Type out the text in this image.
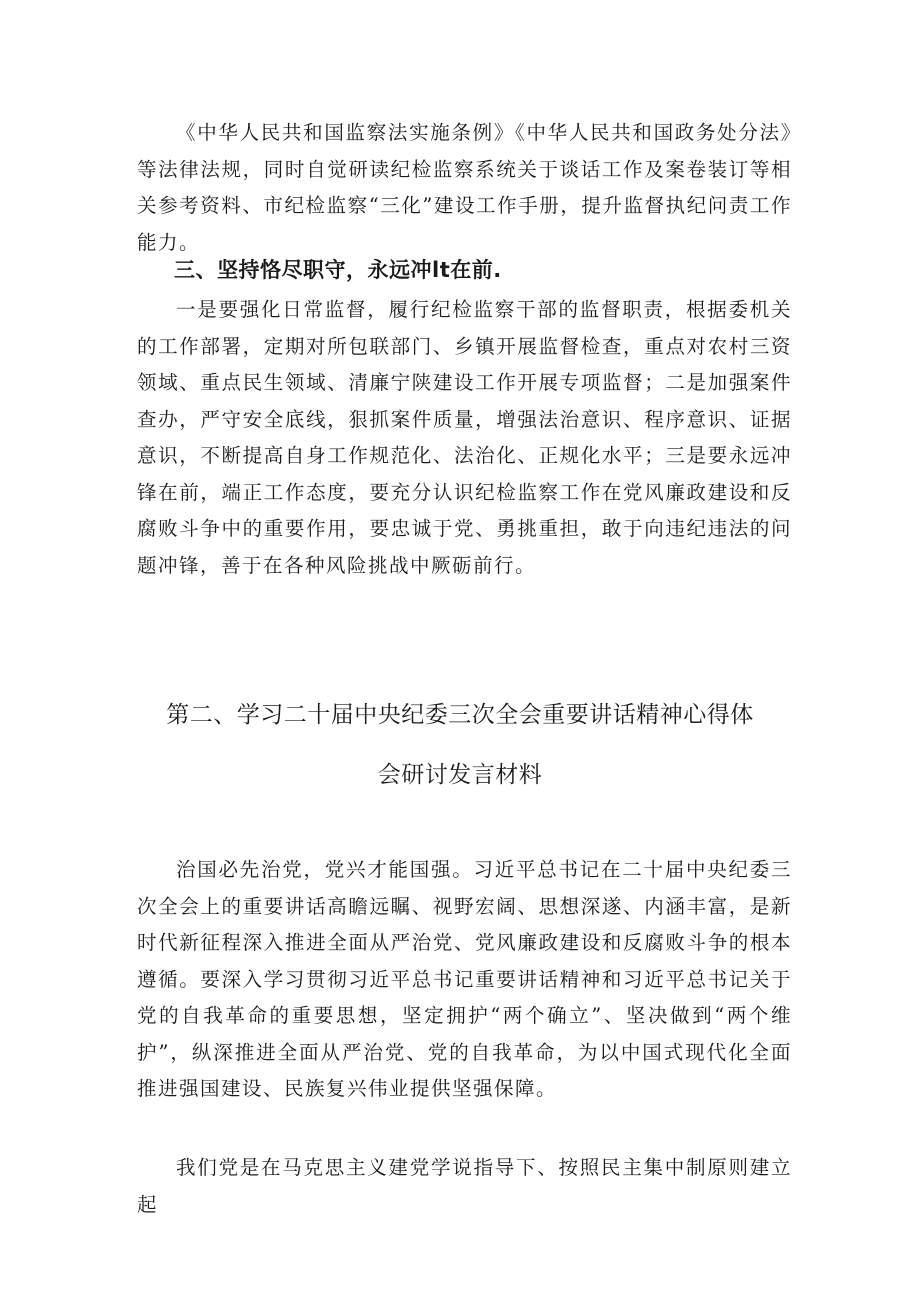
《中华人民共和国监察法实施条例》《中华人民共和国政务处分法》等法律法规，同时自觉研读纪检监察系统关于谈话工作及案卷装订等相关参考资料、市纪检监察“三化”建设工作手册，提升监督执纪问责工作能力。

三、坚持恪尽职守，永远冲lt在前.

一是要强化日常监督，履行纪检监察干部的监督职责，根据委机关的工作部署，定期对所包联部门、乡镇开展监督检查，重点对农村三资领域、重点民生领域、清廉宁陕建设工作开展专项监督；二是加强案件查办，严守安全底线，狠抓案件质量，增强法治意识、程序意识、证据意识，不断提高自身工作规范化、法治化、正规化水平；三是要永远冲锋在前，端正工作态度，要充分认识纪检监察工作在党风廉政建设和反腐败斗争中的重要作用，要忠诚于党、勇挑重担，敢于向违纪违法的问题冲锋，善于在各种风险挑战中厥砺前行。

第二、学习二十届中央纪委三次全会重要讲话精神心得体
会研讨发言材料

治国必先治党，党兴才能国强。习近平总书记在二十届中央纪委三次全会上的重要讲话高瞻远瞩、视野宏阔、思想深遂、内涵丰富，是新时代新征程深入推进全面从严治党、党风廉政建设和反腐败斗争的根本遵循。要深入学习贯彻习近平总书记重要讲话精神和习近平总书记关于党的自我革命的重要思想，坚定拥护“两个确立”、坚决做到“两个维护”，纵深推进全面从严治党、党的自我革命，为以中国式现代化全面推进强国建设、民族复兴伟业提供坚强保障。

我们党是在马克思主义建党学说指导下、按照民主集中制原则建立起
